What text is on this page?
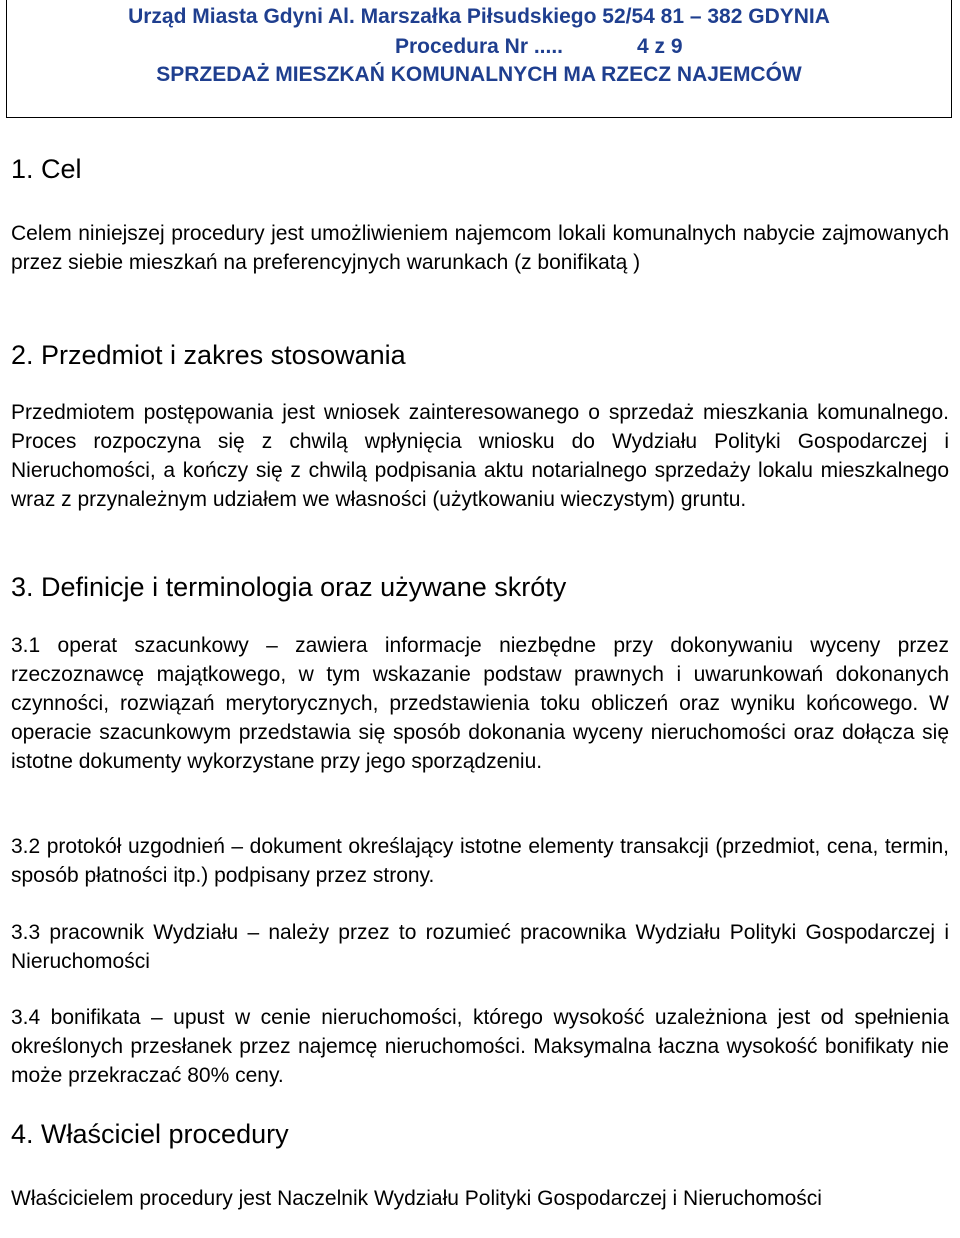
Urząd Miasta Gdyni Al. Marszałka Piłsudskiego 52/54 81 – 382 GDYNIA
Procedura Nr .....	4 z 9
SPRZEDAŻ MIESZKAŃ KOMUNALNYCH MA RZECZ NAJEMCÓW
1. Cel
Celem niniejszej procedury jest umożliwieniem najemcom lokali komunalnych nabycie zajmowanych przez siebie mieszkań na preferencyjnych warunkach (z bonifikatą )
2. Przedmiot i zakres stosowania
Przedmiotem postępowania jest wniosek zainteresowanego o sprzedaż mieszkania komunalnego. Proces rozpoczyna się z chwilą wpłynięcia wniosku do Wydziału Polityki Gospodarczej i Nieruchomości, a kończy się z chwilą podpisania aktu notarialnego sprzedaży lokalu mieszkalnego wraz z przynależnym udziałem we własności (użytkowaniu wieczystym) gruntu.
3. Definicje i terminologia oraz używane skróty
3.1 operat szacunkowy – zawiera informacje niezbędne przy dokonywaniu wyceny przez rzeczoznawcę majątkowego, w tym wskazanie podstaw prawnych i uwarunkowań dokonanych czynności, rozwiązań merytorycznych, przedstawienia toku obliczeń oraz wyniku końcowego. W operacie szacunkowym przedstawia się sposób dokonania wyceny nieruchomości oraz dołącza się istotne dokumenty wykorzystane przy jego sporządzeniu.
3.2 protokół uzgodnień – dokument określający istotne elementy transakcji (przedmiot, cena, termin, sposób płatności itp.) podpisany przez strony.
3.3 pracownik Wydziału – należy przez to rozumieć pracownika Wydziału Polityki Gospodarczej i Nieruchomości
3.4 bonifikata – upust w cenie nieruchomości, którego wysokość uzależniona jest od spełnienia określonych przesłanek przez najemcę nieruchomości. Maksymalna łaczna wysokość bonifikaty nie może przekraczać 80% ceny.
4. Właściciel procedury
Właścicielem procedury jest Naczelnik Wydziału Polityki Gospodarczej i Nieruchomości
